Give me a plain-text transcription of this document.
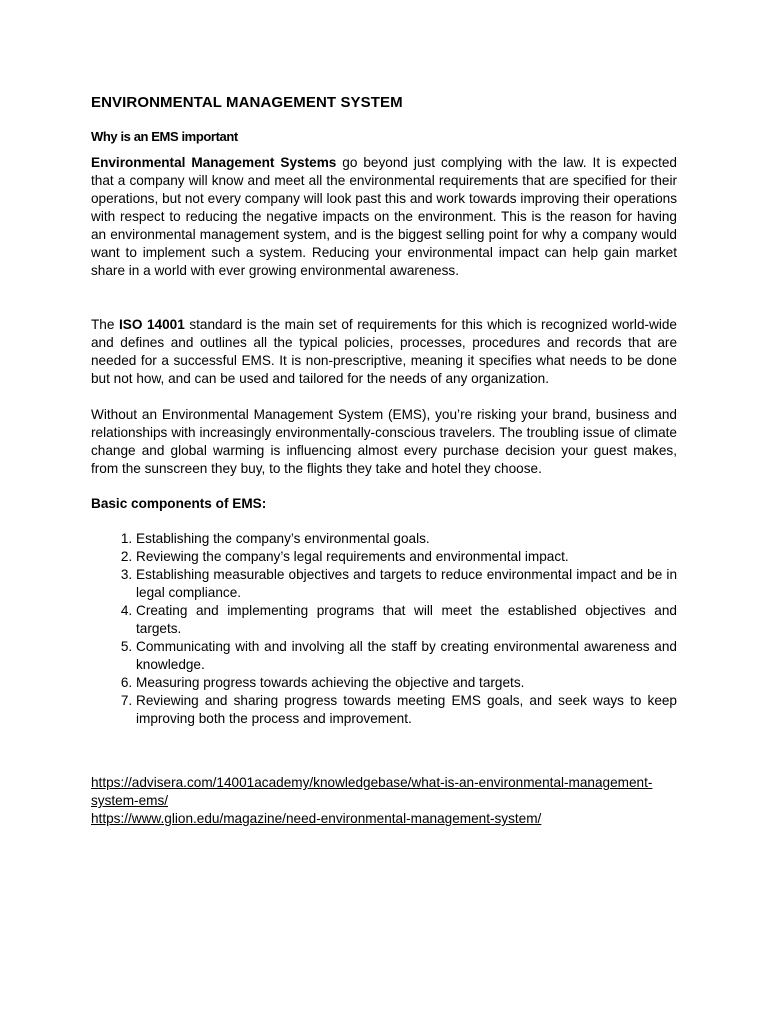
ENVIRONMENTAL MANAGEMENT SYSTEM
Why is an EMS important

Environmental Management Systems go beyond just complying with the law. It is expected that a company will know and meet all the environmental requirements that are specified for their operations, but not every company will look past this and work towards improving their operations with respect to reducing the negative impacts on the environment. This is the reason for having an environmental management system, and is the biggest selling point for why a company would want to implement such a system. Reducing your environmental impact can help gain market share in a world with ever growing environmental awareness.

The ISO 14001 standard is the main set of requirements for this which is recognized world-wide and defines and outlines all the typical policies, processes, procedures and records that are needed for a successful EMS. It is non-prescriptive, meaning it specifies what needs to be done but not how, and can be used and tailored for the needs of any organization.

Without an Environmental Management System (EMS), you’re risking your brand, business and relationships with increasingly environmentally-conscious travelers. The troubling issue of climate change and global warming is influencing almost every purchase decision your guest makes, from the sunscreen they buy, to the flights they take and hotel they choose.

Basic components of EMS:
1. Establishing the company’s environmental goals.
2. Reviewing the company’s legal requirements and environmental impact.
3. Establishing measurable objectives and targets to reduce environmental impact and be in legal compliance.
4. Creating and implementing programs that will meet the established objectives and targets.
5. Communicating with and involving all the staff by creating environmental awareness and knowledge.
6. Measuring progress towards achieving the objective and targets.
7. Reviewing and sharing progress towards meeting EMS goals, and seek ways to keep improving both the process and improvement.
https://advisera.com/14001academy/knowledgebase/what-is-an-environmental-management-system-ems/
https://www.glion.edu/magazine/need-environmental-management-system/
